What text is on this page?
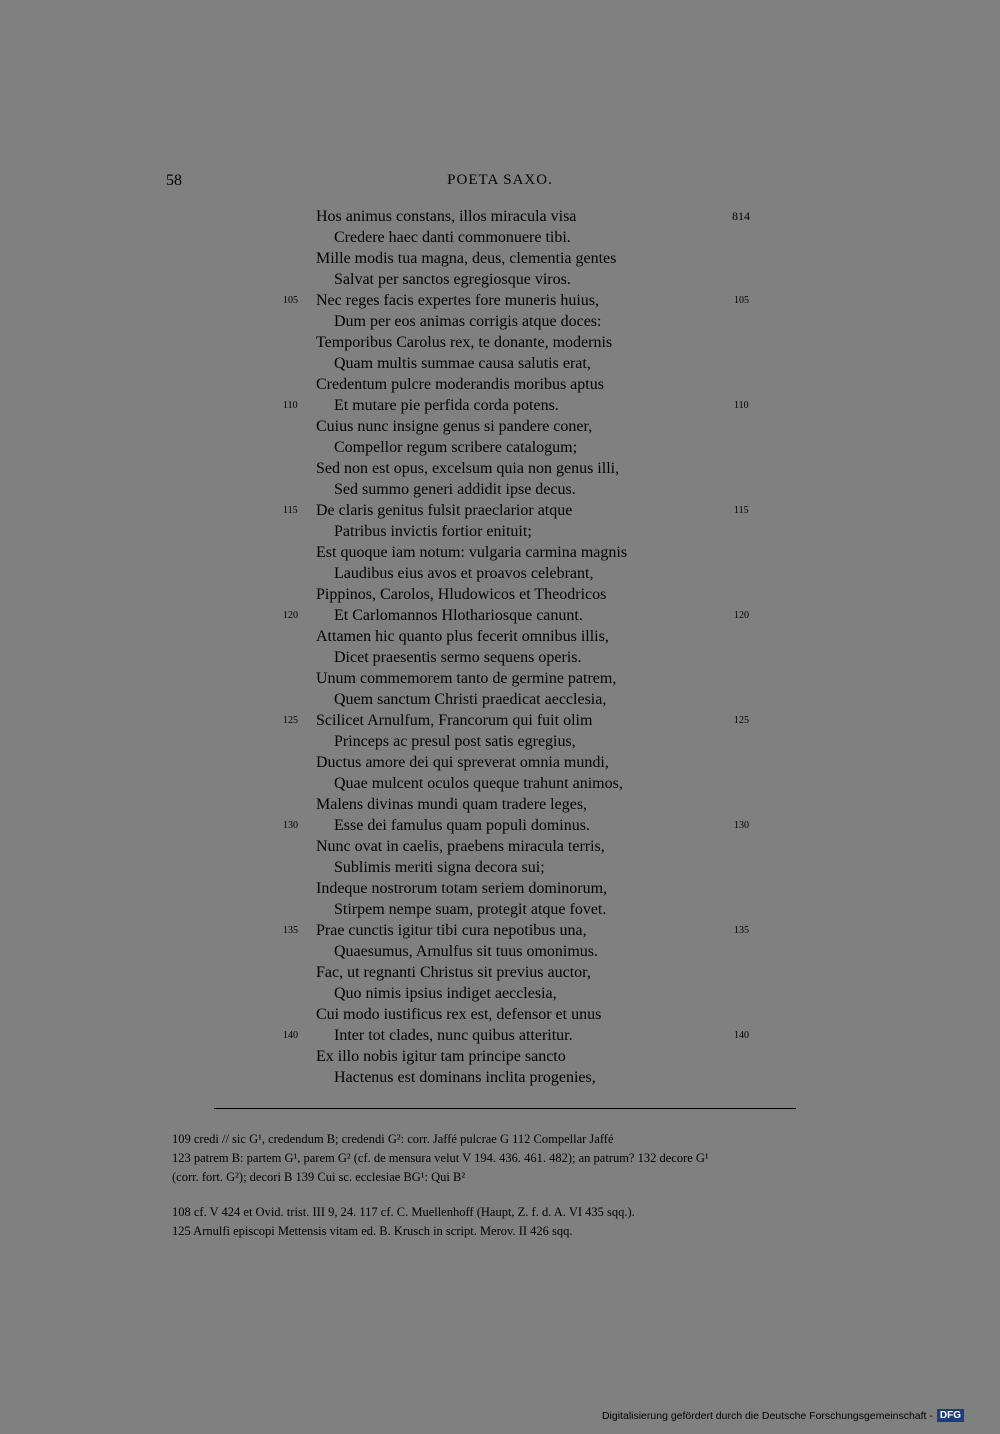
58	POETA SAXO.
Hos animus constans, illos miracula visa	814
Credere haec danti commonuere tibi.
Mille modis tua magna, deus, clementia gentes
Salvat per sanctos egregiosque viros.
105 Nec reges facis expertes fore muneris huius,	105
Dum per eos animas corrigis atque doces:
Temporibus Carolus rex, te donante, modernis
Quam multis summae causa salutis erat,
Credentum pulcre moderandis moribus aptus
110 Et mutare pie perfida corda potens.	110
Cuius nunc insigne genus si pandere coner,
Compellor regum scribere catalogum;
Sed non est opus, excelsum quia non genus illi,
Sed summo generi addidit ipse decus.
115 De claris genitus fulsit praeclarior atque	115
Patribus invictis fortior enituit;
Est quoque iam notum: vulgaria carmina magnis
Laudibus eius avos et proavos celebrant,
Pippinos, Carolos, Hludowicos et Theodricos
120 Et Carlomannos Hlothariosque canunt.	120
Attamen hic quanto plus fecerit omnibus illis,
Dicet praesentis sermo sequens operis.
Unum commemorem tanto de germine patrem,
Quem sanctum Christi praedicat aecclesia,
125 Scilicet Arnulfum, Francorum qui fuit olim	125
Princeps ac presul post satis egregius,
Ductus amore dei qui spreverat omnia mundi,
Quae mulcent oculos queque trahunt animos,
Malens divinas mundi quam tradere leges,
130 Esse dei famulus quam populi dominus.	130
Nunc ovat in caelis, praebens miracula terris,
Sublimis meriti signa decora sui;
Indeque nostrorum totam seriem dominorum,
Stirpem nempe suam, protegit atque fovet.
135 Prae cunctis igitur tibi cura nepotibus una,	135
Quaesumus, Arnulfus sit tuus omonimus.
Fac, ut regnanti Christus sit previus auctor,
Quo nimis ipsius indiget aecclesia,
Cui modo iustificus rex est, defensor et unus
140 Inter tot clades, nunc quibus atteritur.	140
Ex illo nobis igitur tam principe sancto
Hactenus est dominans inclita progenies,
109 credi // sic G¹, credendum B; credendi G²: corr. Jaffé pulcrae G 112 Compellar Jaffé
123 patrem B: partem G¹, parem G² (cf. de mensura velut V 194. 436. 461. 482); an patrum? 132 decore G¹
(corr. fort. G²); decori B 139 Cui sc. ecclesiae BG¹: Qui B²
108 cf. V 424 et Ovid. trist. III 9, 24. 117 cf. C. Muellenhoff (Haupt, Z. f. d. A. VI 435 sqq.).
125 Arnulfi episcopi Mettensis vitam ed. B. Krusch in script. Merov. II 426 sqq.
Digitalisierung gefördert durch die Deutsche Forschungsgemeinschaft - DFG
